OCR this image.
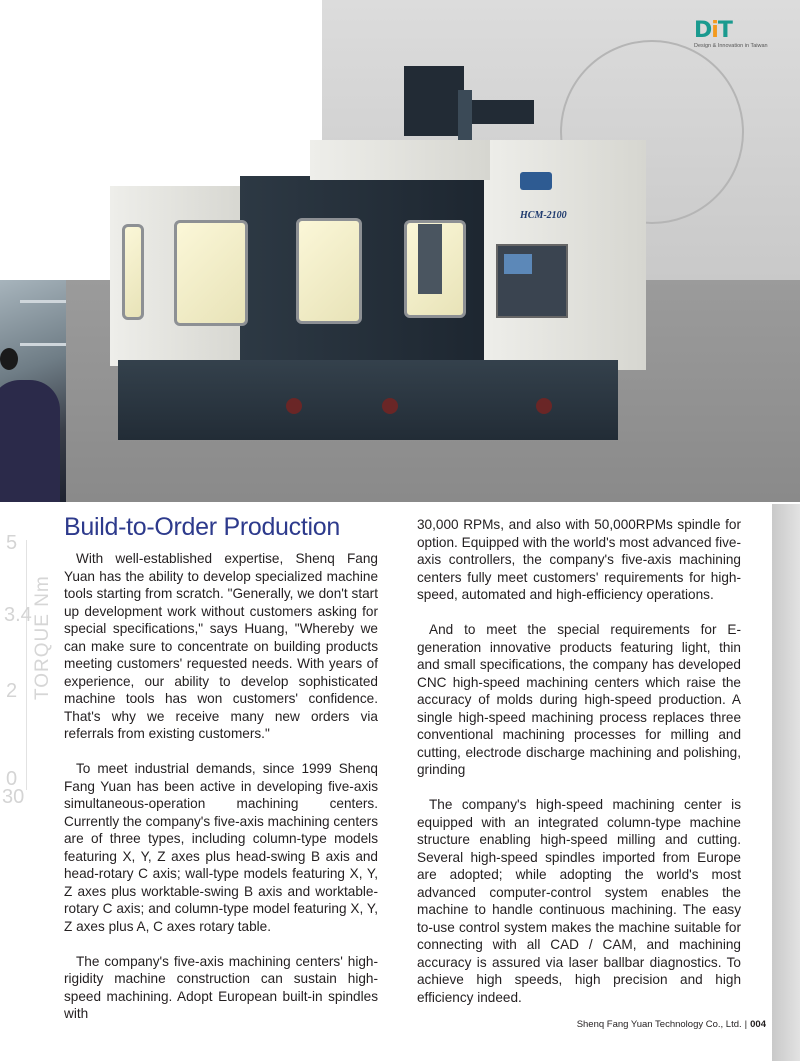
DiT
Design & Innovation in Taiwan
HCM-2100
5
3.4
2
0
30
TORQUE Nm
Build-to-Order Production

With well-established expertise, Shenq Fang Yuan has the ability to develop specialized machine tools starting from scratch. "Generally, we don't start up development work without customers asking for special specifications," says Huang, "Whereby we can make sure to concentrate on building products meeting customers' requested needs. With years of experience, our ability to develop sophisticated machine tools has won customers' confidence. That's why we receive many new orders via referrals from existing customers."

To meet industrial demands, since 1999 Shenq Fang Yuan has been active in developing five-axis simultaneous-operation machining centers. Currently the company's five-axis machining centers are of three types, including column-type models featuring X, Y, Z axes plus head-swing B axis and head-rotary C axis; wall-type models featuring X, Y, Z axes plus worktable-swing B axis and worktable-rotary C axis; and column-type model featuring X, Y, Z axes plus A, C axes rotary table.

The company's five-axis machining centers' high-rigidity machine construction can sustain high-speed machining. Adopt European built-in spindles with

30,000 RPMs, and also with 50,000RPMs spindle for option. Equipped with the world's most advanced five-axis controllers, the company's five-axis machining centers fully meet customers' requirements for high-speed, automated and high-efficiency operations.

And to meet the special requirements for E-generation innovative products featuring light, thin and small specifications, the company has developed CNC high-speed machining centers which raise the accuracy of molds during high-speed production. A single high-speed machining process replaces three conventional machining processes for milling and cutting, electrode discharge machining and polishing, grinding

The company's high-speed machining center is equipped with an integrated column-type machine structure enabling high-speed milling and cutting. Several high-speed spindles imported from Europe are adopted; while adopting the world's most advanced computer-control system enables the machine to handle continuous machining. The easy to-use control system makes the machine suitable for connecting with all CAD / CAM, and machining accuracy is assured via laser ballbar diagnostics. To achieve high speeds, high precision and high efficiency indeed.

Shenq Fang Yuan Technology Co., Ltd. | 004
